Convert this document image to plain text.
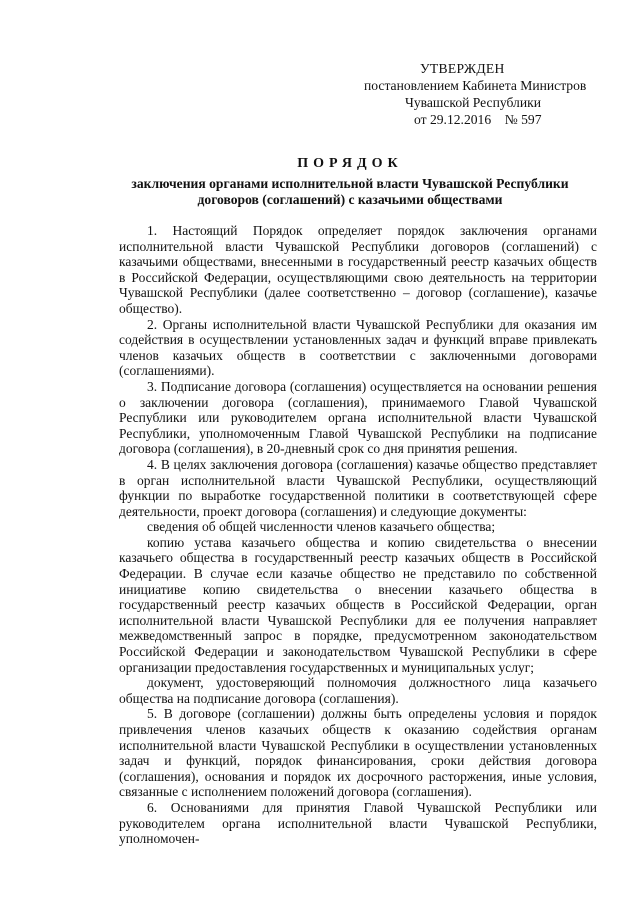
УТВЕРЖДЕН
постановлением Кабинета Министров
Чувашской Республики
от 29.12.2016 № 597
ПОРЯДОК
заключения органами исполнительной власти Чувашской Республики
договоров (соглашений) с казачьими обществами

1. Настоящий Порядок определяет порядок заключения органами исполнительной власти Чувашской Республики договоров (соглашений) с казачьими обществами, внесенными в государственный реестр казачьих обществ в Российской Федерации, осуществляющими свою деятельность на территории Чувашской Республики (далее соответственно – договор (соглашение), казачье общество).

2. Органы исполнительной власти Чувашской Республики для оказания им содействия в осуществлении установленных задач и функций вправе привлекать членов казачьих обществ в соответствии с заключенными договорами (соглашениями).

3. Подписание договора (соглашения) осуществляется на основании решения о заключении договора (соглашения), принимаемого Главой Чувашской Республики или руководителем органа исполнительной власти Чувашской Республики, уполномоченным Главой Чувашской Республики на подписание договора (соглашения), в 20-дневный срок со дня принятия решения.

4. В целях заключения договора (соглашения) казачье общество представляет в орган исполнительной власти Чувашской Республики, осуществляющий функции по выработке государственной политики в соответствующей сфере деятельности, проект договора (соглашения) и следующие документы:

сведения об общей численности членов казачьего общества;

копию устава казачьего общества и копию свидетельства о внесении казачьего общества в государственный реестр казачьих обществ в Российской Федерации. В случае если казачье общество не представило по собственной инициативе копию свидетельства о внесении казачьего общества в государственный реестр казачьих обществ в Российской Федерации, орган исполнительной власти Чувашской Республики для ее получения направляет межведомственный запрос в порядке, предусмотренном законодательством Российской Федерации и законодательством Чувашской Республики в сфере организации предоставления государственных и муниципальных услуг;

документ, удостоверяющий полномочия должностного лица казачьего общества на подписание договора (соглашения).

5. В договоре (соглашении) должны быть определены условия и порядок привлечения членов казачьих обществ к оказанию содействия органам исполнительной власти Чувашской Республики в осуществлении установленных задач и функций, порядок финансирования, сроки действия договора (соглашения), основания и порядок их досрочного расторжения, иные условия, связанные с исполнением положений договора (соглашения).

6. Основаниями для принятия Главой Чувашской Республики или руководителем органа исполнительной власти Чувашской Республики, уполномочен-
